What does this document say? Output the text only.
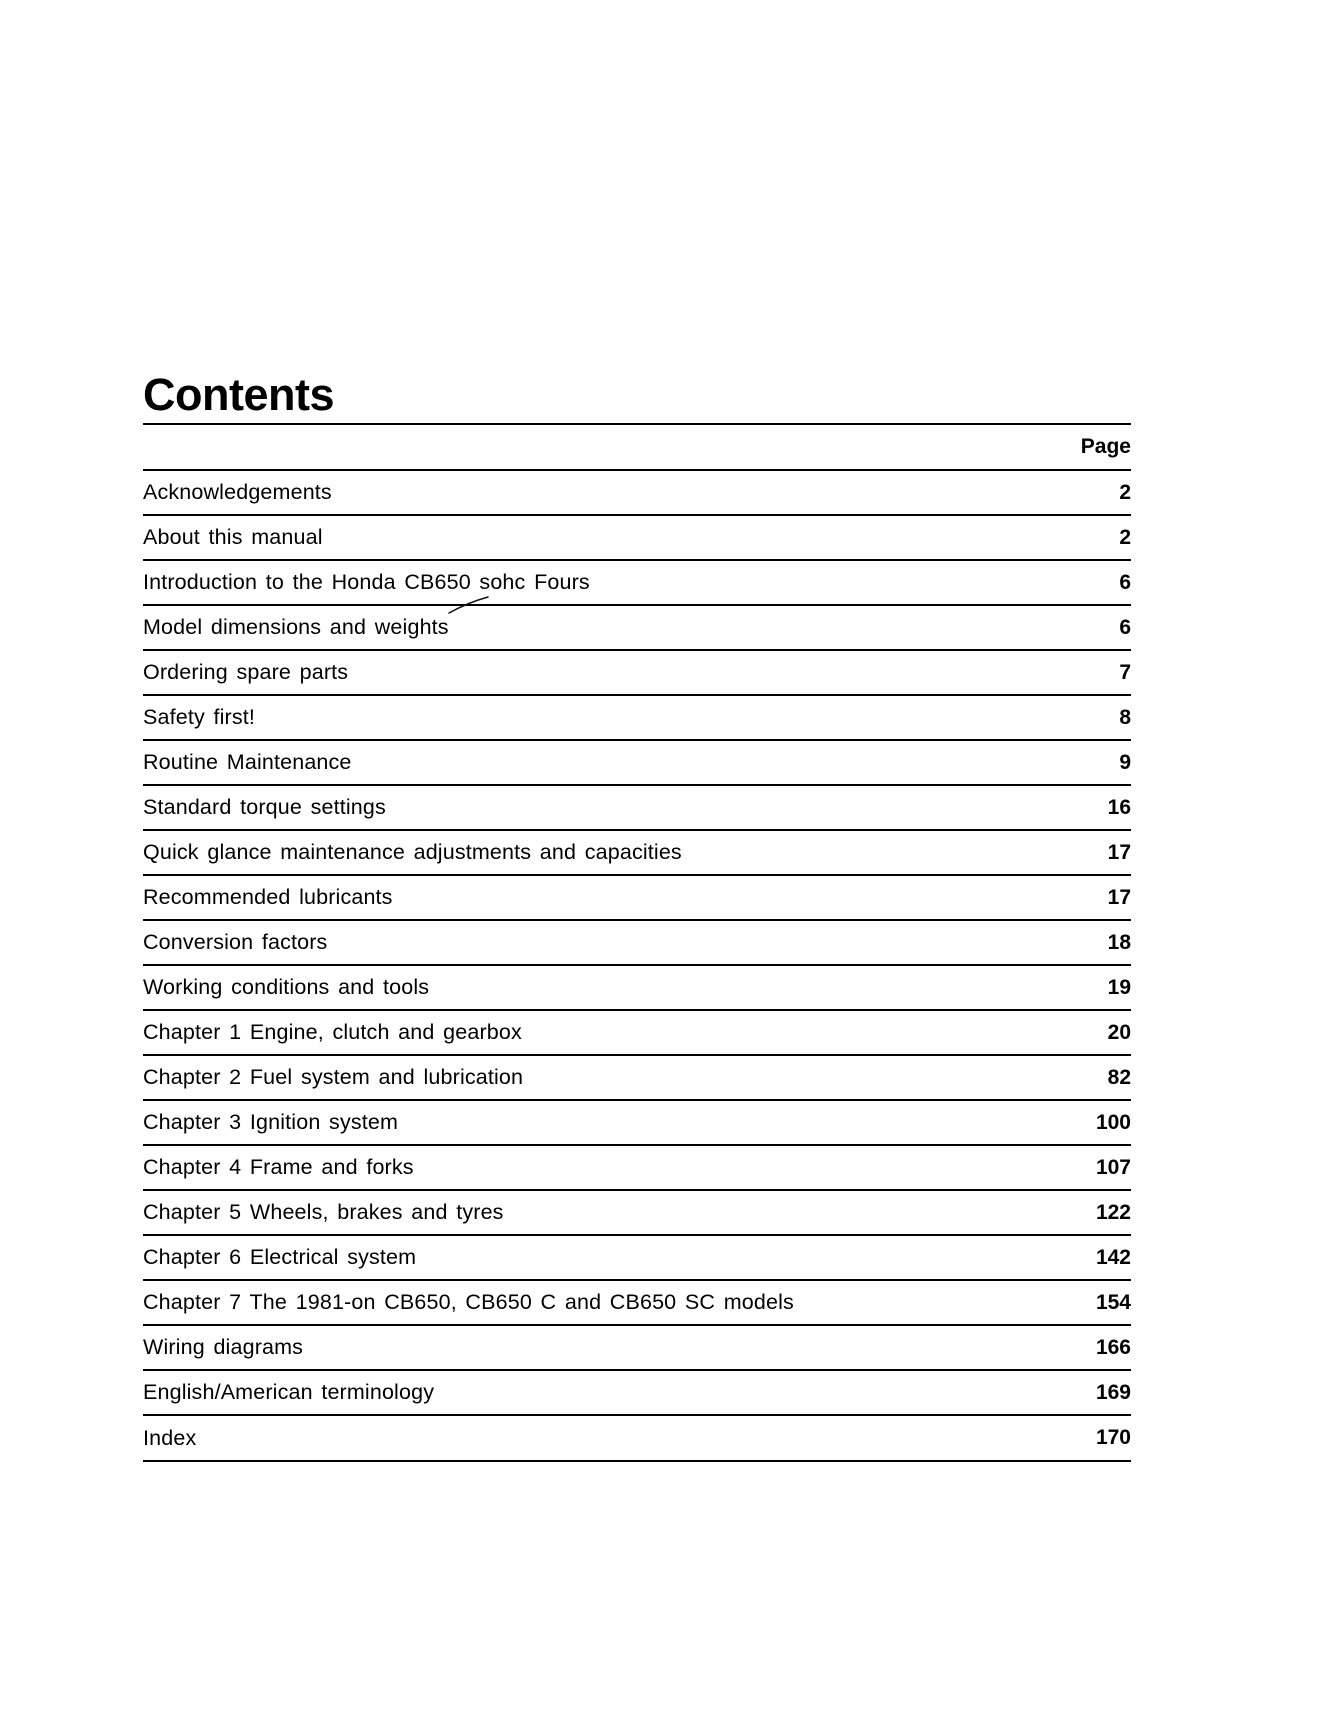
Contents
	Page
Acknowledgements	2
About this manual	2
Introduction to the Honda CB650 sohc Fours	6
Model dimensions and weights	6
Ordering spare parts	7
Safety first!	8
Routine Maintenance	9
Standard torque settings	16
Quick glance maintenance adjustments and capacities	17
Recommended lubricants	17
Conversion factors	18
Working conditions and tools	19
Chapter 1 Engine, clutch and gearbox	20
Chapter 2 Fuel system and lubrication	82
Chapter 3 Ignition system	100
Chapter 4 Frame and forks	107
Chapter 5 Wheels, brakes and tyres	122
Chapter 6 Electrical system	142
Chapter 7 The 1981-on CB650, CB650 C and CB650 SC models	154
Wiring diagrams	166
English/American terminology	169
Index	170
